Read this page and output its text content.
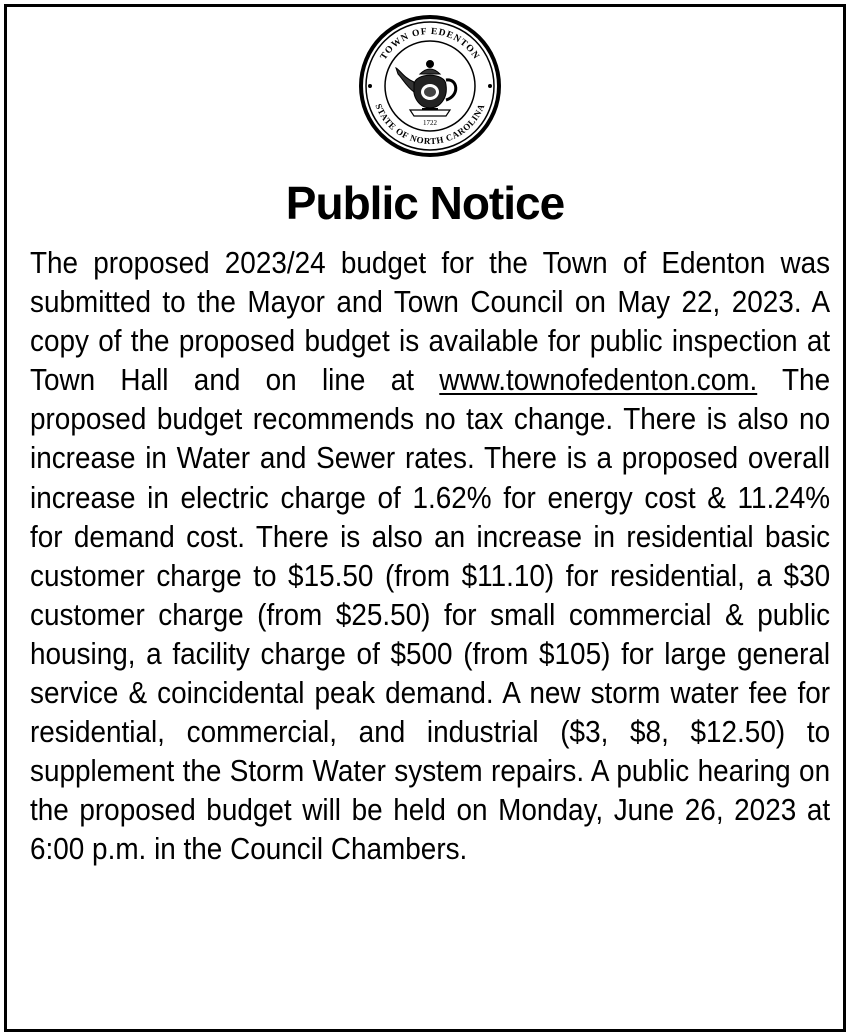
TOWN OF EDENTON
STATE OF NORTH CAROLINA
1722
Public Notice

The proposed 2023/24 budget for the Town of Edenton was submitted to the Mayor and Town Council on May 22, 2023. A copy of the proposed budget is available for public inspection at Town Hall and on line at www.townofedenton.com. The proposed budget recommends no tax change. There is also no increase in Water and Sewer rates. There is a proposed overall increase in electric charge of 1.62% for energy cost & 11.24% for demand cost. There is also an increase in residential basic customer charge to $15.50 (from $11.10) for residential, a $30 customer charge (from $25.50) for small commercial & public housing, a facility charge of $500 (from $105) for large general service & coincidental peak demand. A new storm water fee for residential, commercial, and industrial ($3, $8, $12.50) to supplement the Storm Water system repairs. A public hearing on the proposed budget will be held on Monday, June 26, 2023 at 6:00 p.m. in the Council Chambers.
